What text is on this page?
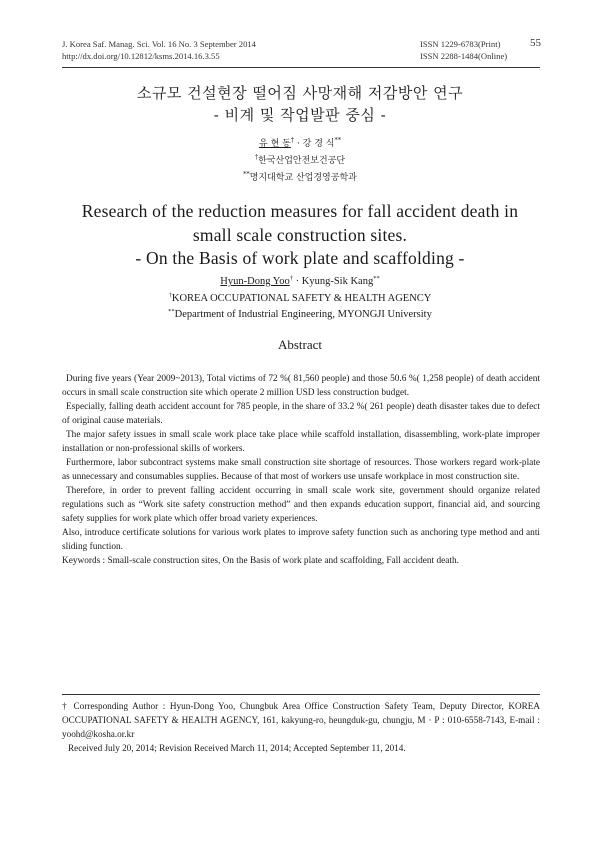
J. Korea Saf. Manag. Sci. Vol. 16 No. 3 September 2014
http://dx.doi.org/10.12812/ksms.2014.16.3.55
ISSN 1229-6783(Print)
ISSN 2288-1484(Online)
55
소규모 건설현장 떨어짐 사망재해 저감방안 연구
- 비계 및 작업발판 중심 -
유 현 동† · 강 경 식**
†한국산업안전보건공단
**명지대학교 산업경영공학과
Research of the reduction measures for fall accident death in
small scale construction sites.
- On the Basis of work plate and scaffolding -
Hyun-Dong Yoo† · Kyung-Sik Kang**
†KOREA OCCUPATIONAL SAFETY & HEALTH AGENCY
**Department of Industrial Engineering, MYONGJI University
Abstract

During five years (Year 2009~2013), Total victims of 72 %( 81,560 people) and those 50.6 %( 1,258 people) of death accident occurs in small scale construction site which operate 2 million USD less construction budget.

Especially, falling death accident account for 785 people, in the share of 33.2 %( 261 people) death disaster takes due to defect of original cause materials.

The major safety issues in small scale work place take place while scaffold installation, disassembling, work-plate improper installation or non-professional skills of workers.

Furthermore, labor subcontract systems make small construction site shortage of resources. Those workers regard work-plate as unnecessary and consumables supplies. Because of that most of workers use unsafe workplace in most construction site.

Therefore, in order to prevent falling accident occurring in small scale work site, government should organize related regulations such as “Work site safety construction method” and then expands education support, financial aid, and sourcing safety supplies for work plate which offer broad variety experiences.

Also, introduce certificate solutions for various work plates to improve safety function such as anchoring type method and anti sliding function.

Keywords : Small-scale construction sites, On the Basis of work plate and scaffolding, Fall accident death.

† Corresponding Author : Hyun-Dong Yoo, Chungbuk Area Office Construction Safety Team, Deputy Director, KOREA OCCUPATIONAL SAFETY & HEALTH AGENCY, 161, kakyung-ro, heungduk-gu, chungju, M · P : 010-6558-7143, E-mail : yoohd@kosha.or.kr

Received July 20, 2014; Revision Received March 11, 2014; Accepted September 11, 2014.
